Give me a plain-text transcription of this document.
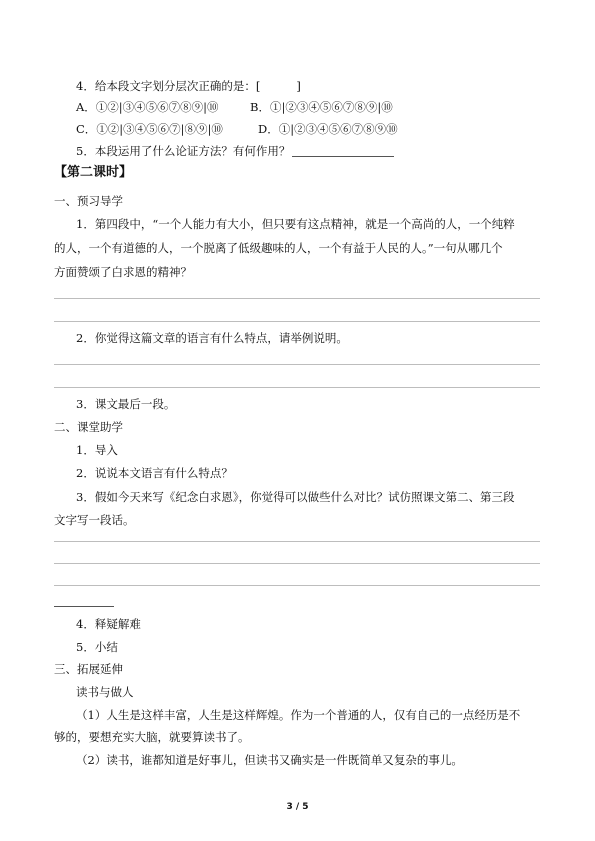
4．给本段文字划分层次正确的是：[	]
A．①②|③④⑤⑥⑦⑧⑨|⑩	B．①|②③④⑤⑥⑦⑧⑨|⑩
C．①②|③④⑤⑥⑦|⑧⑨|⑩	D．①|②③④⑤⑥⑦⑧⑨⑩
5．本段运用了什么论证方法？有何作用？
【第二课时】
一、预习导学
1．第四段中，“一个人能力有大小，但只要有这点精神，就是一个高尚的人，一个纯粹
的人，一个有道德的人，一个脱离了低级趣味的人，一个有益于人民的人。”一句从哪几个
方面赞颂了白求恩的精神？
2．你觉得这篇文章的语言有什么特点，请举例说明。
3．课文最后一段。
二、课堂助学
1．导入
2．说说本文语言有什么特点？
3．假如今天来写《纪念白求恩》，你觉得可以做些什么对比？试仿照课文第二、第三段
文字写一段话。
4．释疑解难
5．小结
三、拓展延伸
读书与做人
（1）人生是这样丰富，人生是这样辉煌。作为一个普通的人，仅有自己的一点经历是不
够的，要想充实大脑，就要算读书了。
（2）读书，谁都知道是好事儿，但读书又确实是一件既简单又复杂的事儿。
3 / 5
